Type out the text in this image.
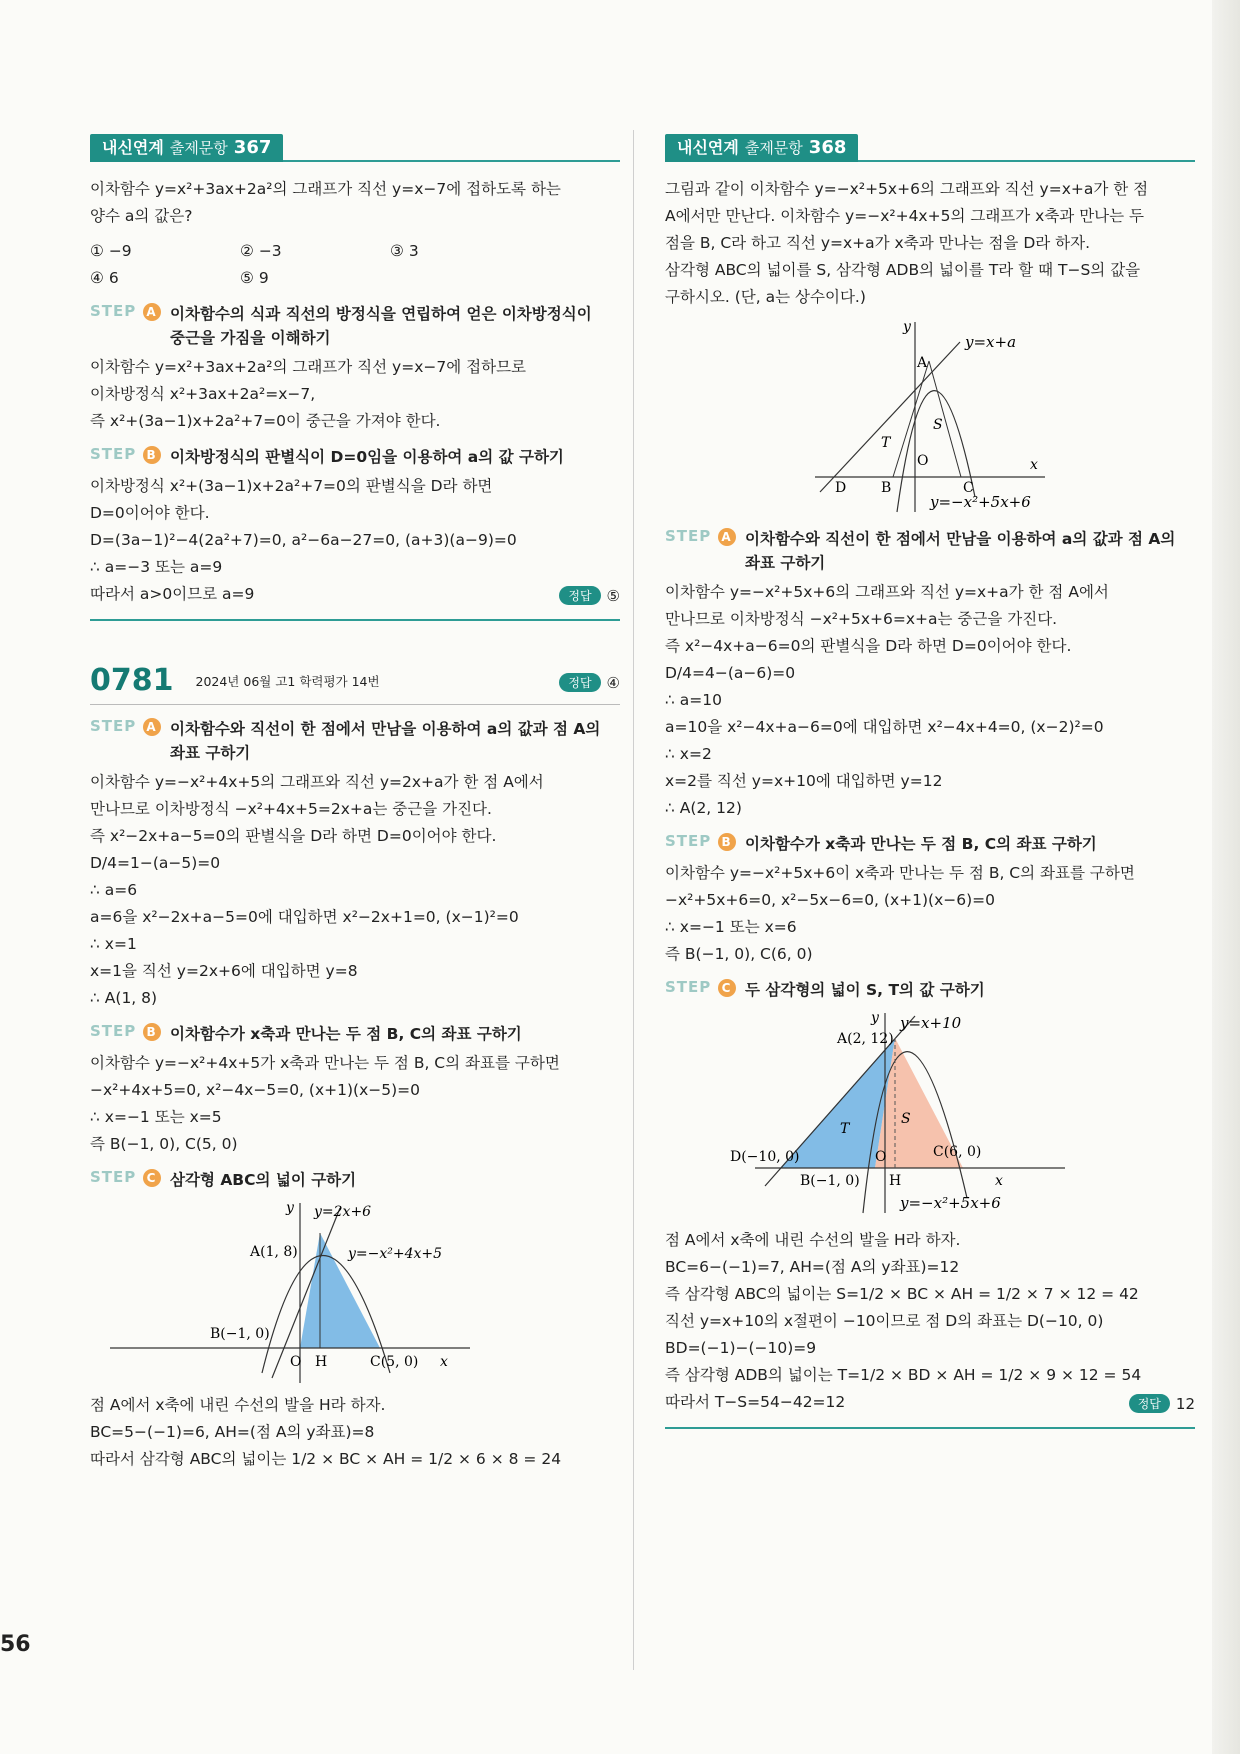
내신연계 출제문항 367

이차함수 y=x²+3ax+2a²의 그래프가 직선 y=x−7에 접하도록 하는

양수 a의 값은?

① −9	② −3	③ 3
④ 6	⑤ 9
STEP A 이차함수의 식과 직선의 방정식을 연립하여 얻은 이차방정식이
중근을 가짐을 이해하기

이차함수 y=x²+3ax+2a²의 그래프가 직선 y=x−7에 접하므로

이차방정식 x²+3ax+2a²=x−7,

즉 x²+(3a−1)x+2a²+7=0이 중근을 가져야 한다.

STEP B 이차방정식의 판별식이 D=0임을 이용하여 a의 값 구하기

이차방정식 x²+(3a−1)x+2a²+7=0의 판별식을 D라 하면

D=0이어야 한다.

D=(3a−1)²−4(2a²+7)=0, a²−6a−27=0, (a+3)(a−9)=0

∴ a=−3 또는 a=9

따라서 a>0이므로 a=9	정답	⑤
0781 2024년 06월 고1 학력평가 14번	정답	④
STEP A 이차함수와 직선이 한 점에서 만남을 이용하여 a의 값과 점 A의
좌표 구하기

이차함수 y=−x²+4x+5의 그래프와 직선 y=2x+a가 한 점 A에서

만나므로 이차방정식 −x²+4x+5=2x+a는 중근을 가진다.

즉 x²−2x+a−5=0의 판별식을 D라 하면 D=0이어야 한다.

D/4=1−(a−5)=0

∴ a=6

a=6을 x²−2x+a−5=0에 대입하면 x²−2x+1=0, (x−1)²=0

∴ x=1

x=1을 직선 y=2x+6에 대입하면 y=8

∴ A(1, 8)

STEP B 이차함수가 x축과 만나는 두 점 B, C의 좌표 구하기

이차함수 y=−x²+4x+5가 x축과 만나는 두 점 B, C의 좌표를 구하면

−x²+4x+5=0, x²−4x−5=0, (x+1)(x−5)=0

∴ x=−1 또는 x=5

즉 B(−1, 0), C(5, 0)

STEP C 삼각형 ABC의 넓이 구하기
y=2x+6
y=−x²+4x+5
A(1, 8)
B(−1, 0)
C(5, 0)
O H	x
y

점 A에서 x축에 내린 수선의 발을 H라 하자.

BC=5−(−1)=6, AH=(점 A의 y좌표)=8

따라서 삼각형 ABC의 넓이는 1/2 × BC × AH = 1/2 × 6 × 8 = 24

내신연계 출제문항 368

그림과 같이 이차함수 y=−x²+5x+6의 그래프와 직선 y=x+a가 한 점

A에서만 만난다. 이차함수 y=−x²+4x+5의 그래프가 x축과 만나는 두

점을 B, C라 하고 직선 y=x+a가 x축과 만나는 점을 D라 하자.

삼각형 ABC의 넓이를 S, 삼각형 ADB의 넓이를 T라 할 때 T−S의 값을

구하시오. (단, a는 상수이다.)

y=x+a
y=−x²+5x+6
A
B	C
D
O
S
T
x
y
STEP A 이차함수와 직선이 한 점에서 만남을 이용하여 a의 값과 점 A의
좌표 구하기

이차함수 y=−x²+5x+6의 그래프와 직선 y=x+a가 한 점 A에서

만나므로 이차방정식 −x²+5x+6=x+a는 중근을 가진다.

즉 x²−4x+a−6=0의 판별식을 D라 하면 D=0이어야 한다.

D/4=4−(a−6)=0

∴ a=10

a=10을 x²−4x+a−6=0에 대입하면 x²−4x+4=0, (x−2)²=0

∴ x=2

x=2를 직선 y=x+10에 대입하면 y=12

∴ A(2, 12)

STEP B 이차함수가 x축과 만나는 두 점 B, C의 좌표 구하기

이차함수 y=−x²+5x+6이 x축과 만나는 두 점 B, C의 좌표를 구하면

−x²+5x+6=0, x²−5x−6=0, (x+1)(x−6)=0

∴ x=−1 또는 x=6

즉 B(−1, 0), C(6, 0)

STEP C 두 삼각형의 넓이 S, T의 값 구하기
y=x+10
y=−x²+5x+6
A(2, 12)
B(−1, 0)
C(6, 0)
D(−10, 0)	O
H
S
T
x
y

점 A에서 x축에 내린 수선의 발을 H라 하자.

BC=6−(−1)=7, AH=(점 A의 y좌표)=12

즉 삼각형 ABC의 넓이는 S=1/2 × BC × AH = 1/2 × 7 × 12 = 42

직선 y=x+10의 x절편이 −10이므로 점 D의 좌표는 D(−10, 0)

BD=(−1)−(−10)=9

즉 삼각형 ADB의 넓이는 T=1/2 × BD × AH = 1/2 × 9 × 12 = 54

따라서 T−S=54−42=12	정답	12
56
